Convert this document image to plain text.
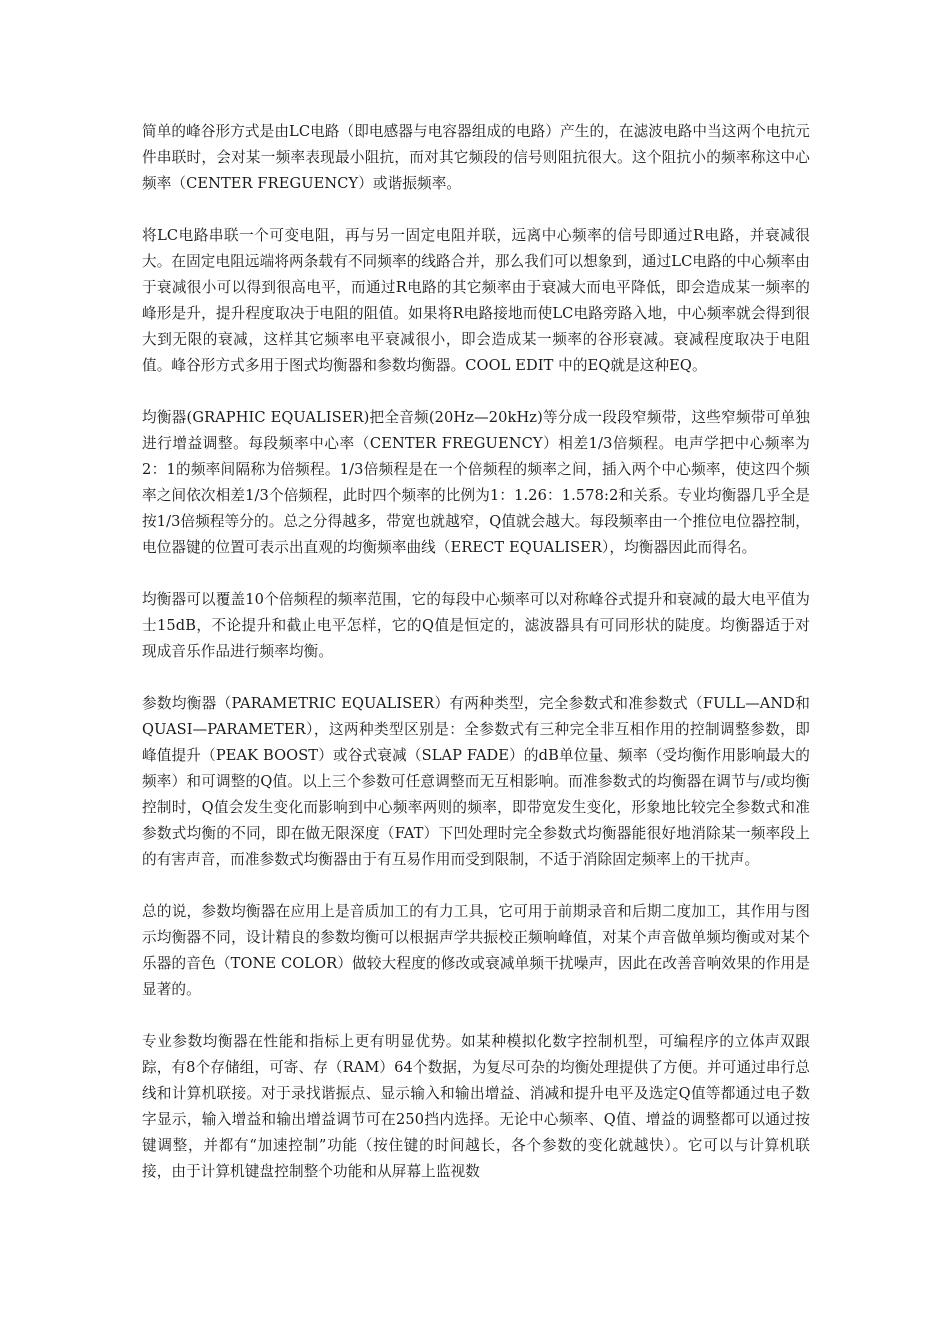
简单的峰谷形方式是由LC电路（即电感器与电容器组成的电路）产生的，在滤波电路中当这两个电抗元件串联时，会对某一频率表现最小阻抗，而对其它频段的信号则阻抗很大。这个阻抗小的频率称这中心频率（CENTER FREGUENCY）或谐振频率。

将LC电路串联一个可变电阻，再与另一固定电阻并联，远离中心频率的信号即通过R电路，并衰减很大。在固定电阻远端将两条载有不同频率的线路合并，那么我们可以想象到，通过LC电路的中心频率由于衰减很小可以得到很高电平，而通过R电路的其它频率由于衰减大而电平降低，即会造成某一频率的峰形是升，提升程度取决于电阻的阻值。如果将R电路接地而使LC电路旁路入地，中心频率就会得到很大到无限的衰减，这样其它频率电平衰减很小，即会造成某一频率的谷形衰减。衰减程度取决于电阻值。峰谷形方式多用于图式均衡器和参数均衡器。COOL EDIT 中的EQ就是这种EQ。

均衡器(GRAPHIC EQUALISER)把全音频(20Hz—20kHz)等分成一段段窄频带，这些窄频带可单独进行增益调整。每段频率中心率（CENTER FREGUENCY）相差1/3倍频程。电声学把中心频率为2：1的频率间隔称为倍频程。1/3倍频程是在一个倍频程的频率之间，插入两个中心频率，使这四个频率之间依次相差1/3个倍频程，此时四个频率的比例为1：1.26：1.578:2和关系。专业均衡器几乎全是按1/3倍频程等分的。总之分得越多，带宽也就越窄，Q值就会越大。每段频率由一个推位电位器控制，电位器键的位置可表示出直观的均衡频率曲线（ERECT EQUALISER），均衡器因此而得名。

均衡器可以覆盖10个倍频程的频率范围，它的每段中心频率可以对称峰谷式提升和衰减的最大电平值为士15dB，不论提升和截止电平怎样，它的Q值是恒定的，滤波器具有可同形状的陡度。均衡器适于对现成音乐作品进行频率均衡。

参数均衡器（PARAMETRIC EQUALISER）有两种类型，完全参数式和准参数式（FULL—AND和QUASI—PARAMETER），这两种类型区别是：全参数式有三种完全非互相作用的控制调整参数，即峰值提升（PEAK BOOST）或谷式衰减（SLAP FADE）的dB单位量、频率（受均衡作用影响最大的频率）和可调整的Q值。以上三个参数可任意调整而无互相影响。而准参数式的均衡器在调节与/或均衡控制时，Q值会发生变化而影响到中心频率两则的频率，即带宽发生变化，形象地比较完全参数式和准参数式均衡的不同，即在做无限深度（FAT）下凹处理时完全参数式均衡器能很好地消除某一频率段上的有害声音，而准参数式均衡器由于有互易作用而受到限制，不适于消除固定频率上的干扰声。

总的说，参数均衡器在应用上是音质加工的有力工具，它可用于前期录音和后期二度加工，其作用与图示均衡器不同，设计精良的参数均衡可以根据声学共振校正频响峰值，对某个声音做单频均衡或对某个乐器的音色（TONE COLOR）做较大程度的修改或衰减单频干扰噪声，因此在改善音响效果的作用是显著的。

专业参数均衡器在性能和指标上更有明显优势。如某种模拟化数字控制机型，可编程序的立体声双跟踪，有8个存储组，可寄、存（RAM）64个数据，为复尽可杂的均衡处理提供了方便。并可通过串行总线和计算机联接。对于录找谐振点、显示输入和输出增益、消减和提升电平及选定Q值等都通过电子数字显示，输入增益和输出增益调节可在250挡内选择。无论中心频率、Q值、增益的调整都可以通过按键调整，并都有“加速控制”功能（按住键的时间越长，各个参数的变化就越快）。它可以与计算机联接，由于计算机键盘控制整个功能和从屏幕上监视数
